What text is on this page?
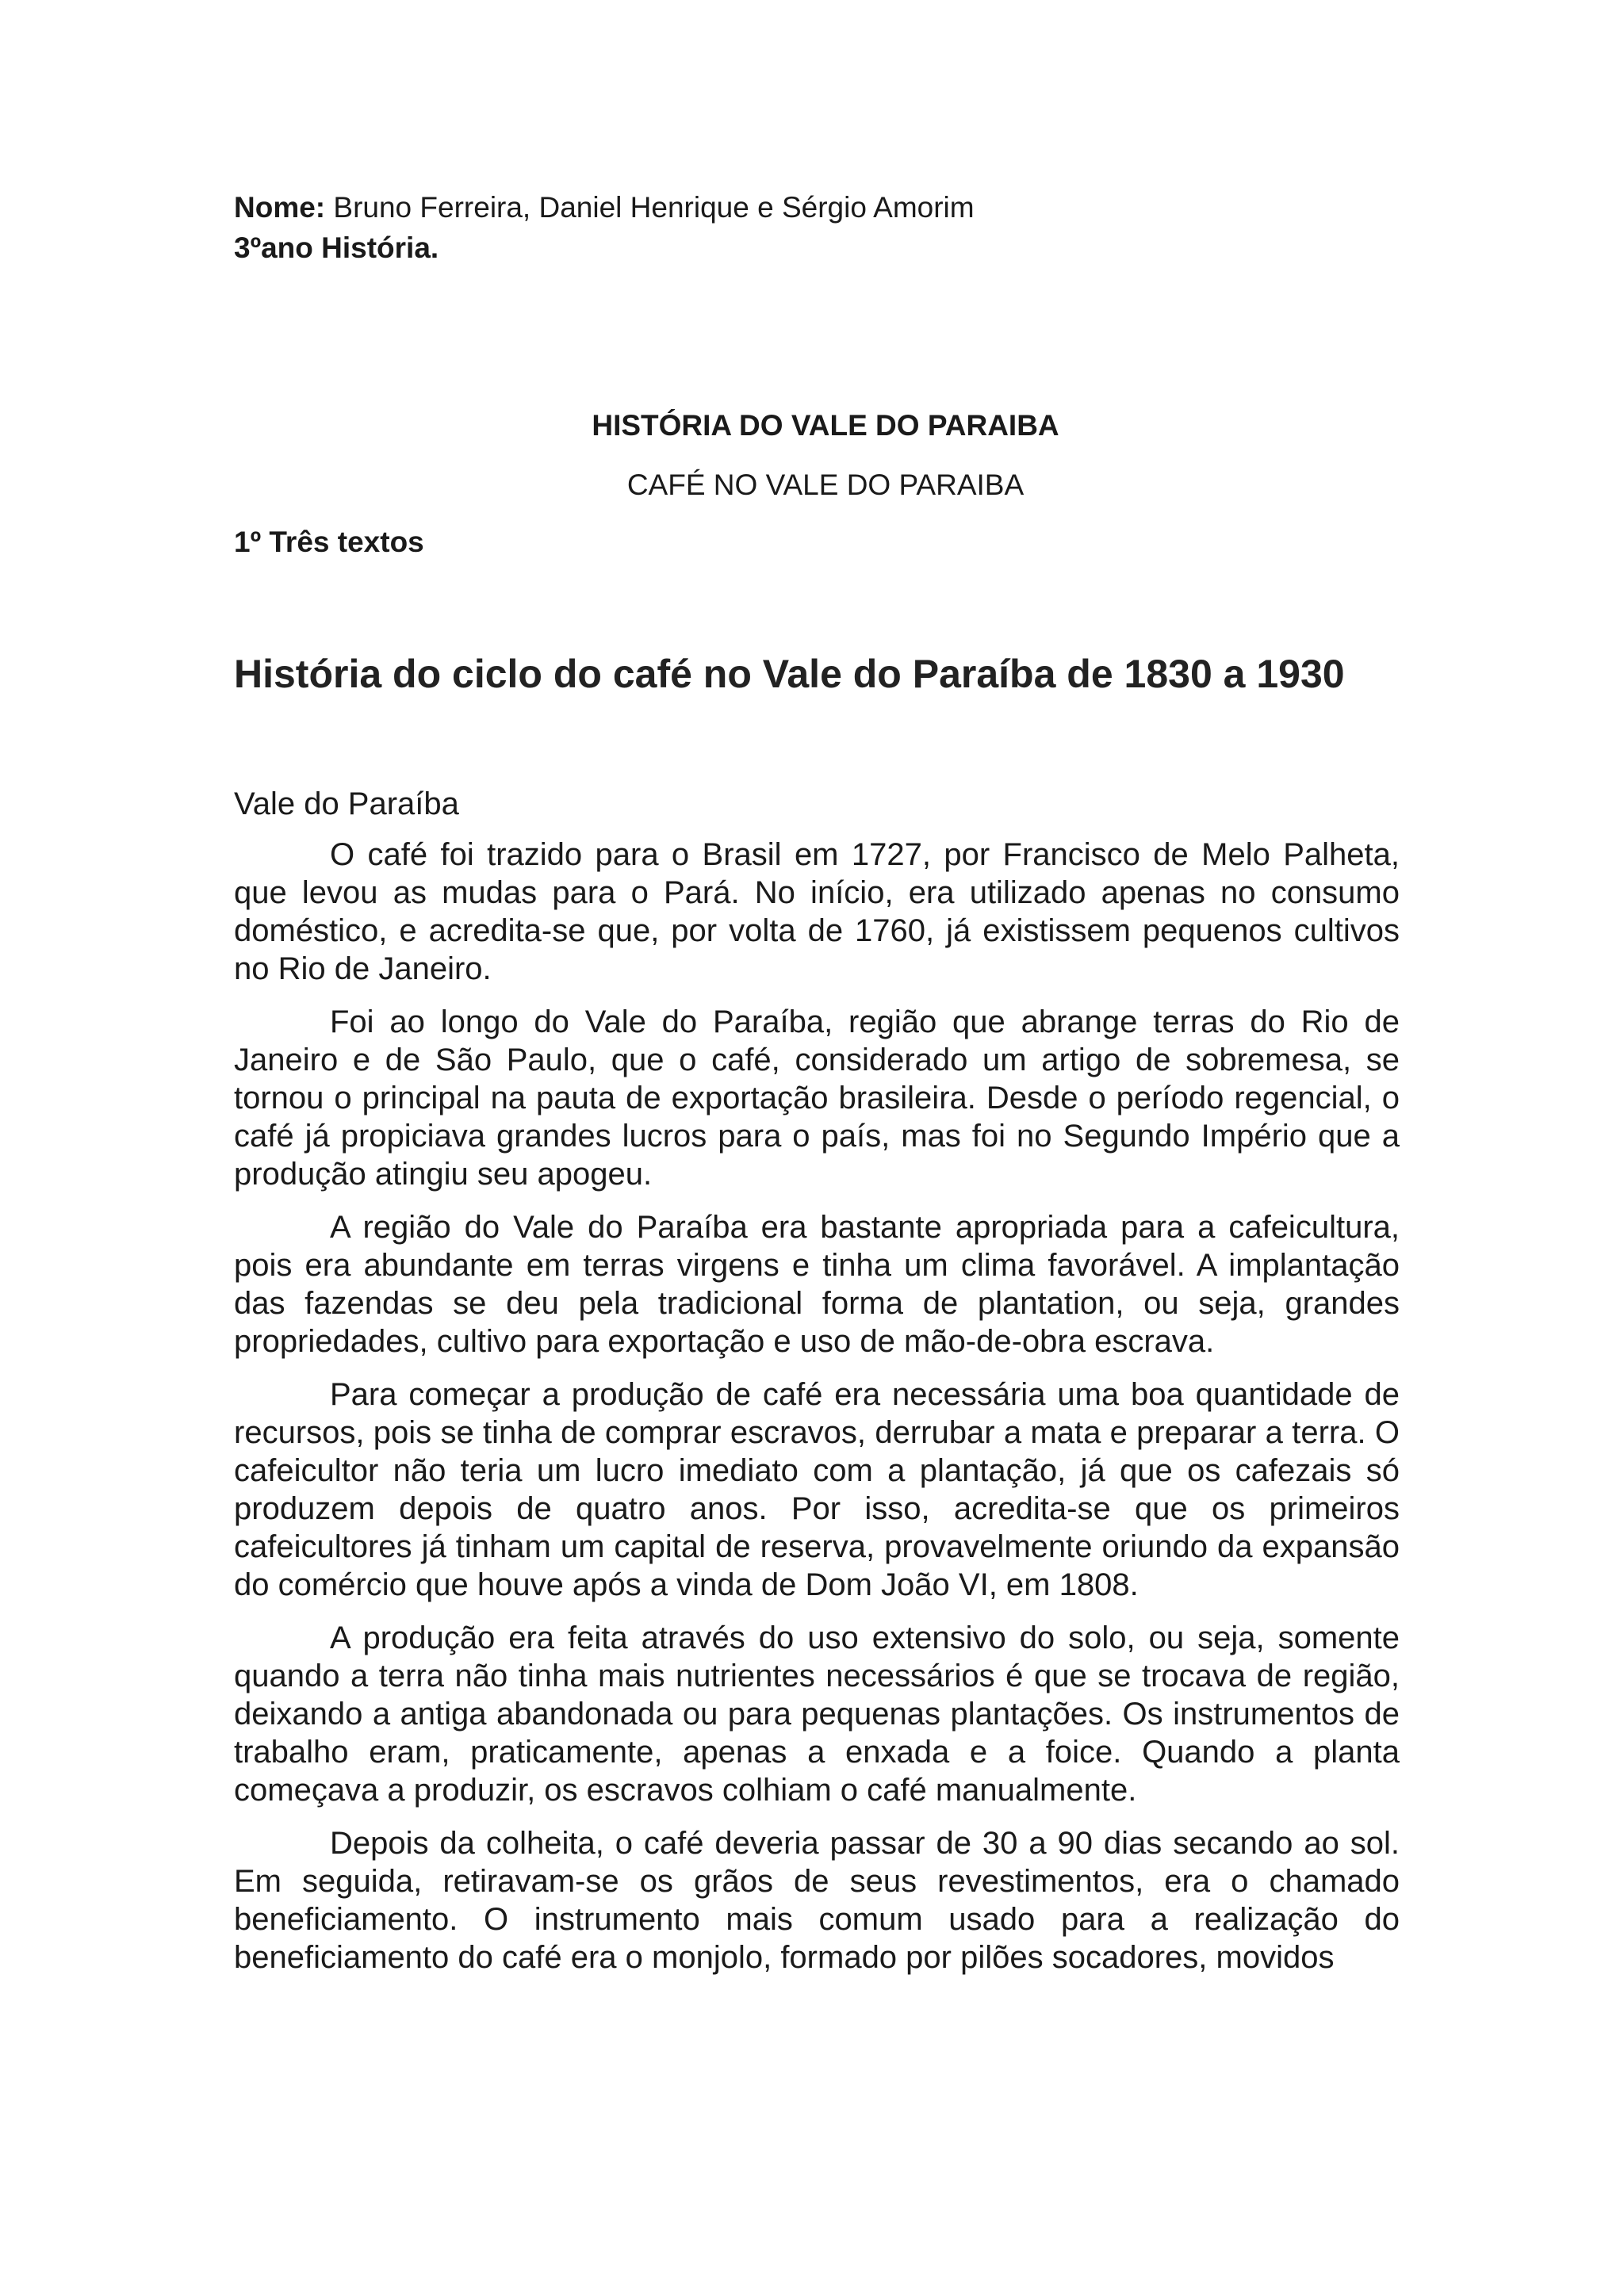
Nome: Bruno Ferreira, Daniel Henrique e Sérgio Amorim
3ºano História.
HISTÓRIA DO VALE DO PARAIBA
CAFÉ NO VALE DO PARAIBA
1º Três textos
História do ciclo do café no Vale do Paraíba de 1830 a 1930
Vale do Paraíba

O café foi trazido para o Brasil em 1727, por Francisco de Melo Palheta, que levou as mudas para o Pará. No início, era utilizado apenas no consumo doméstico, e acredita-se que, por volta de 1760, já existissem pequenos cultivos no Rio de Janeiro.

Foi ao longo do Vale do Paraíba, região que abrange terras do Rio de Janeiro e de São Paulo, que o café, considerado um artigo de sobremesa, se tornou o principal na pauta de exportação brasileira. Desde o período regencial, o café já propiciava grandes lucros para o país, mas foi no Segundo Império que a produção atingiu seu apogeu.

A região do Vale do Paraíba era bastante apropriada para a cafeicultura, pois era abundante em terras virgens e tinha um clima favorável. A implantação das fazendas se deu pela tradicional forma de plantation, ou seja, grandes propriedades, cultivo para exportação e uso de mão-de-obra escrava.

Para começar a produção de café era necessária uma boa quantidade de recursos, pois se tinha de comprar escravos, derrubar a mata e preparar a terra. O cafeicultor não teria um lucro imediato com a plantação, já que os cafezais só produzem depois de quatro anos. Por isso, acredita-se que os primeiros cafeicultores já tinham um capital de reserva, provavelmente oriundo da expansão do comércio que houve após a vinda de Dom João VI, em 1808.

A produção era feita através do uso extensivo do solo, ou seja, somente quando a terra não tinha mais nutrientes necessários é que se trocava de região, deixando a antiga abandonada ou para pequenas plantações. Os instrumentos de trabalho eram, praticamente, apenas a enxada e a foice. Quando a planta começava a produzir, os escravos colhiam o café manualmente.

Depois da colheita, o café deveria passar de 30 a 90 dias secando ao sol. Em seguida, retiravam-se os grãos de seus revestimentos, era o chamado beneficiamento. O instrumento mais comum usado para a realização do beneficiamento do café era o monjolo, formado por pilões socadores, movidos
